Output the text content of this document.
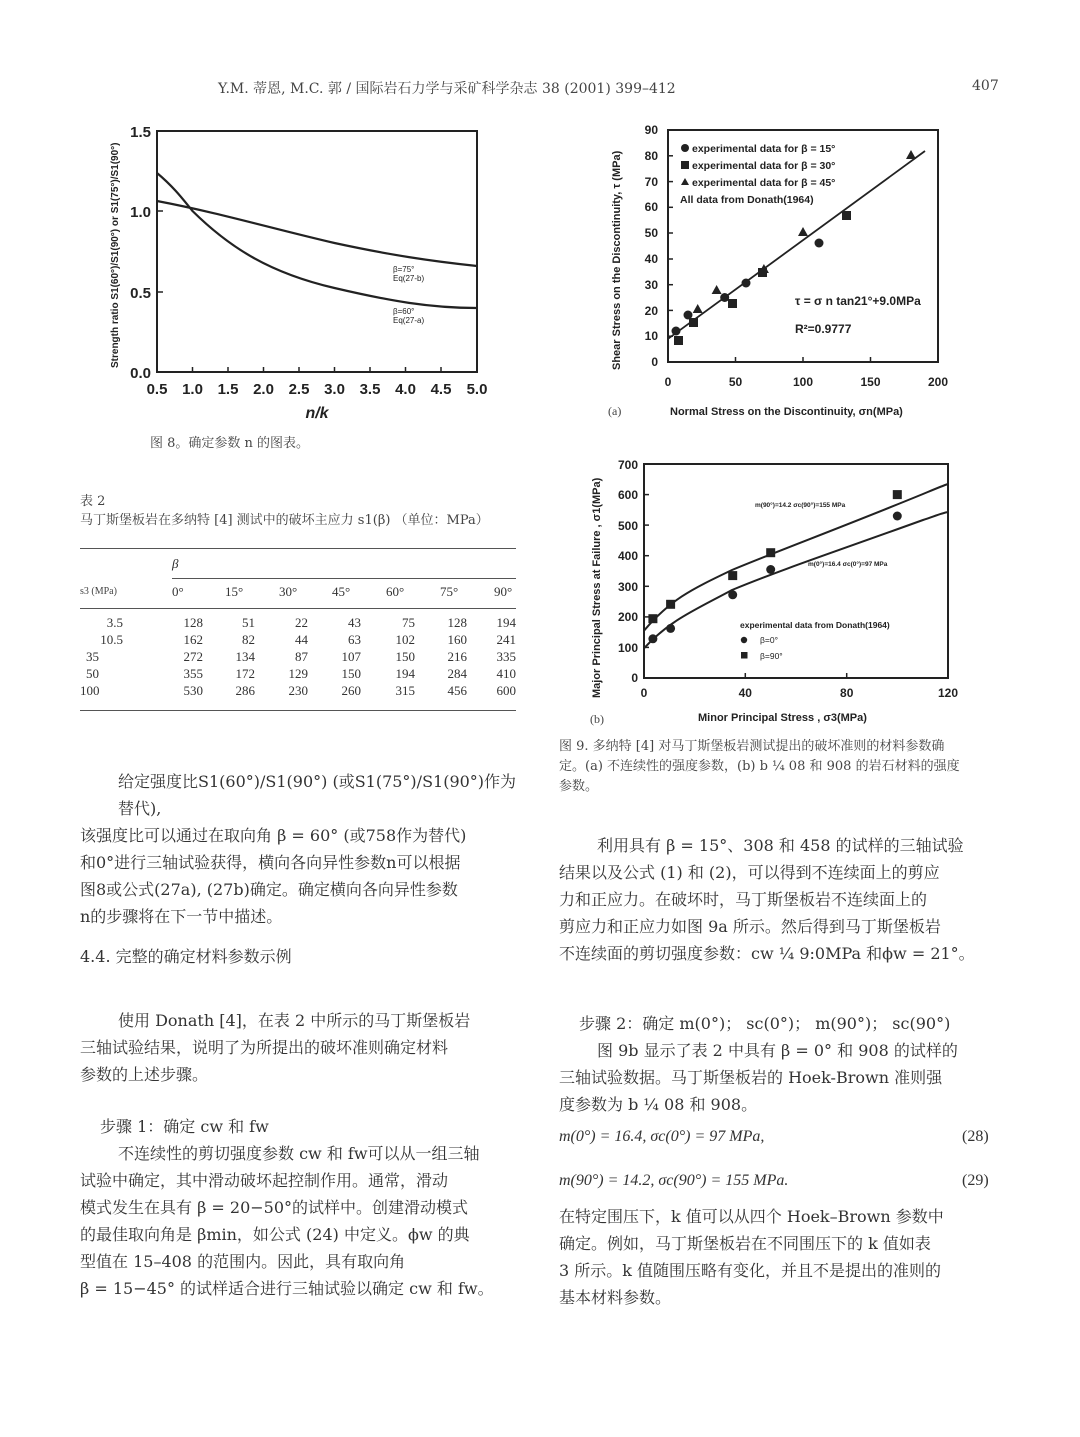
Y.M. 蒂恩, M.C. 郭 / 国际岩石力学与采矿科学杂志 38 (2001) 399–412	407
1.5
1.0
0.5
0.0
0.5 1.0 1.5 2.0 2.5 3.0 3.5 4.0 4.5 5.0
n/k
Strength ratio S1(60°)/S1(90°) or S1(75°)/S1(90°)	β=75°
Eq(27-b)
β=60°
Eq(27-a)
图 8。确定参数 n 的图表。
表 2
马丁斯堡板岩在多纳特 [4] 测试中的破坏主应力 s1(β) （单位：MPa）
β
s3 (MPa)	0°	15°	30°	45°	60°	75°	90°
3.5	128	51	22	43	75	128	194
10.5	162	82	44	63	102	160	241
35	272	134	87	107	150	216	335
50	355	172	129	150	194	284	410
100	530	286	230	260	315	456	600
90
80
70
60
50
40
30
20
10
0
0	50	100	150	200
Normal Stress on the Discontinuity, σn(MPa)
(a)
Shear Stress on the Discontinuity, τ (MPa)
experimental data for β = 15°
experimental data for β = 30°
experimental data for β = 45°
All data from Donath(1964)
τ = σ n tan21°+9.0MPa
R²=0.9777
700
600
500
400
300
200
100
0
0	40	80	120
Minor Principal Stress , σ3(MPa)
(b)
Major Principal Stress at Failure , σ1(MPa)	m(90°)=14.2 σc(90°)=155 MPa
m(0°)=16.4 σc(0°)=97 MPa
experimental data from Donath(1964)
β=0°
β=90°
图 9. 多纳特 [4] 对马丁斯堡板岩测试提出的破坏准则的材料参数确
定。(a) 不连续性的强度参数，(b) b ¼ 08 和 908 的岩石材料的强度
参数。
给定强度比S1(60°)/S1(90°) (或S1(75°)/S1(90°)作为替代),
该强度比可以通过在取向角 β = 60° (或758作为替代)
和0°进行三轴试验获得，横向各向异性参数n可以根据
图8或公式(27a), (27b)确定。确定横向各向异性参数
n的步骤将在下一节中描述。
4.4. 完整的确定材料参数示例
使用 Donath [4]，在表 2 中所示的马丁斯堡板岩
三轴试验结果，说明了为所提出的破坏准则确定材料
参数的上述步骤。
步骤 1：确定 cw 和 fw
不连续性的剪切强度参数 cw 和 fw可以从一组三轴
试验中确定，其中滑动破坏起控制作用。通常，滑动
模式发生在具有 β = 20−50°的试样中。创建滑动模式
的最佳取向角是 βmin，如公式 (24) 中定义。ϕw 的典
型值在 15–408 的范围内。因此，具有取向角
β = 15−45° 的试样适合进行三轴试验以确定 cw 和 fw。
利用具有 β = 15°、308 和 458 的试样的三轴试验
结果以及公式 (1) 和 (2)，可以得到不连续面上的剪应
力和正应力。在破坏时，马丁斯堡板岩不连续面上的
剪应力和正应力如图 9a 所示。然后得到马丁斯堡板岩
不连续面的剪切强度参数：cw ¼ 9:0MPa 和ϕw = 21°。
步骤 2：确定 m(0°)； sc(0°)； m(90°)； sc(90°)
图 9b 显示了表 2 中具有 β = 0° 和 908 的试样的
三轴试验数据。马丁斯堡板岩的 Hoek-Brown 准则强
度参数为 b ¼ 08 和 908。
m(0°) = 16.4, σc(0°) = 97 MPa,	(28)
m(90°) = 14.2, σc(90°) = 155 MPa.	(29)
在特定围压下，k 值可以从四个 Hoek–Brown 参数中
确定。例如，马丁斯堡板岩在不同围压下的 k 值如表
3 所示。k 值随围压略有变化，并且不是提出的准则的
基本材料参数。
